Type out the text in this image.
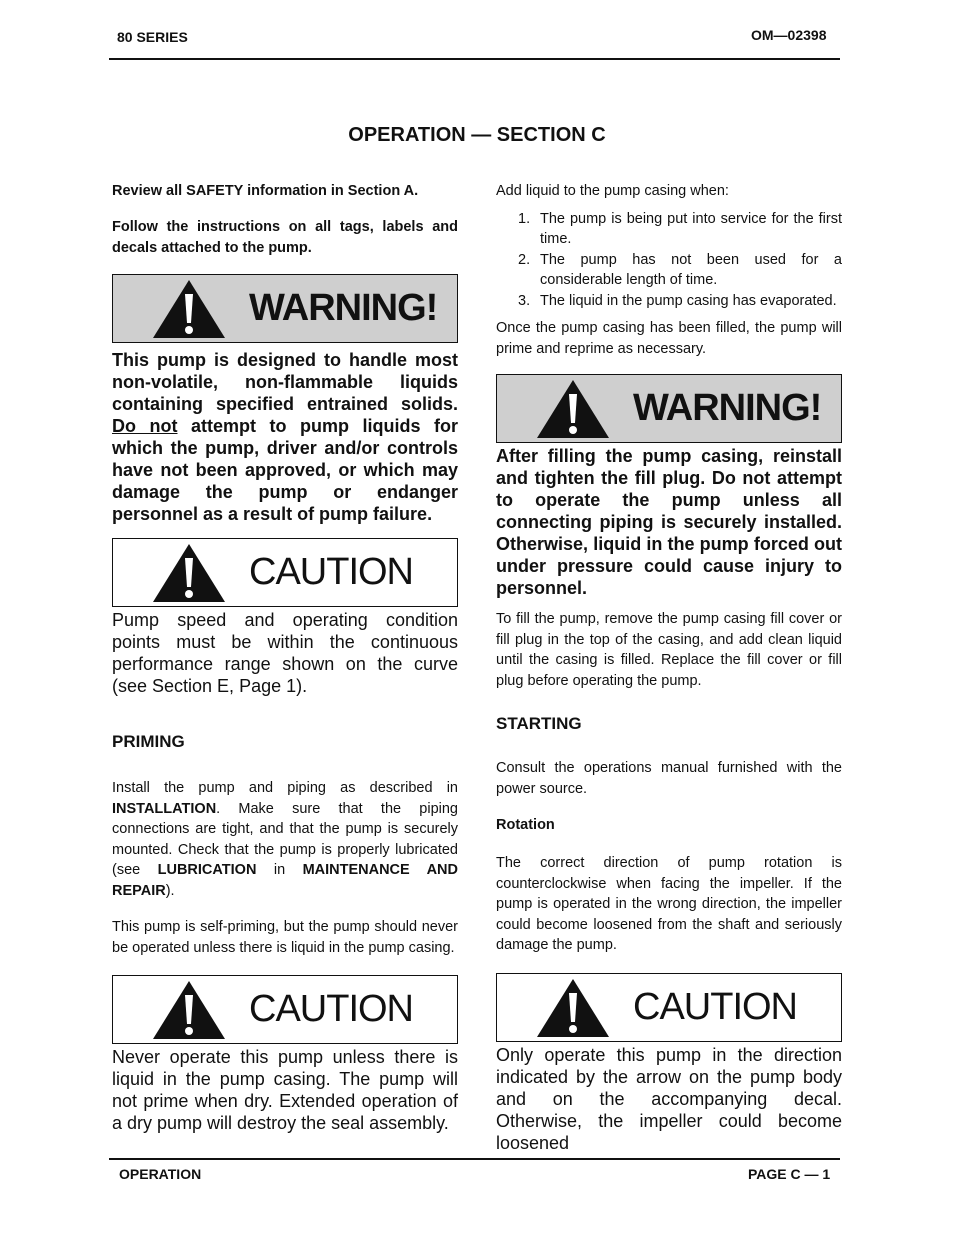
80 SERIES	OM—02398
OPERATION — SECTION C

Review all SAFETY information in Section A.

Follow the instructions on all tags, labels and decals attached to the pump.

WARNING!

This pump is designed to handle most non-volatile, non-flammable liquids containing specified entrained solids. Do not attempt to pump liquids for which the pump, driver and/or controls have not been approved, or which may damage the pump or endanger personnel as a result of pump failure.

CAUTION

Pump speed and operating condition points must be within the continuous performance range shown on the curve (see Section E, Page 1).

PRIMING

Install the pump and piping as described in INSTALLATION. Make sure that the piping connections are tight, and that the pump is securely mounted. Check that the pump is properly lubricated (see LUBRICATION in MAINTENANCE AND REPAIR).

This pump is self-priming, but the pump should never be operated unless there is liquid in the pump casing.

CAUTION

Never operate this pump unless there is liquid in the pump casing. The pump will not prime when dry. Extended operation of a dry pump will destroy the seal assembly.

Add liquid to the pump casing when:

1. The pump is being put into service for the first time.
2. The pump has not been used for a considerable length of time.
3. The liquid in the pump casing has evaporated.

Once the pump casing has been filled, the pump will prime and reprime as necessary.

WARNING!

After filling the pump casing, reinstall and tighten the fill plug. Do not attempt to operate the pump unless all connecting piping is securely installed. Otherwise, liquid in the pump forced out under pressure could cause injury to personnel.

To fill the pump, remove the pump casing fill cover or fill plug in the top of the casing, and add clean liquid until the casing is filled. Replace the fill cover or fill plug before operating the pump.

STARTING

Consult the operations manual furnished with the power source.

Rotation

The correct direction of pump rotation is counterclockwise when facing the impeller. If the pump is operated in the wrong direction, the impeller could become loosened from the shaft and seriously damage the pump.

CAUTION

Only operate this pump in the direction indicated by the arrow on the pump body and on the accompanying decal. Otherwise, the impeller could become loosened

OPERATION	PAGE C — 1
